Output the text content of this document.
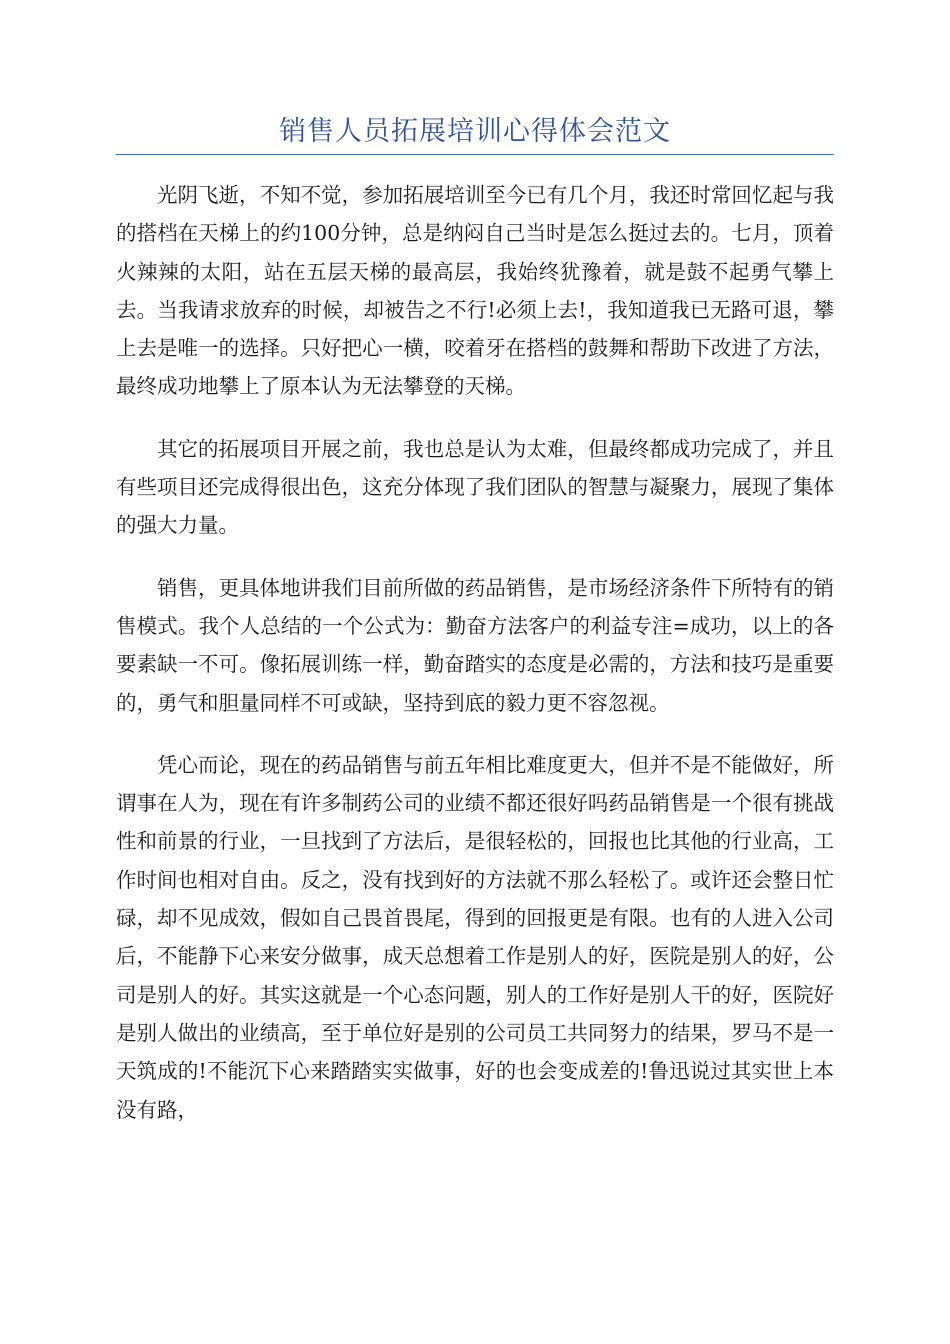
销售人员拓展培训心得体会范文

光阴飞逝，不知不觉，参加拓展培训至今已有几个月，我还时常回忆起与我的搭档在天梯上的约100分钟，总是纳闷自己当时是怎么挺过去的。七月，顶着火辣辣的太阳，站在五层天梯的最高层，我始终犹豫着，就是鼓不起勇气攀上去。当我请求放弃的时候，却被告之不行!必须上去!，我知道我已无路可退，攀上去是唯一的选择。只好把心一横，咬着牙在搭档的鼓舞和帮助下改进了方法，最终成功地攀上了原本认为无法攀登的天梯。

其它的拓展项目开展之前，我也总是认为太难，但最终都成功完成了，并且有些项目还完成得很出色，这充分体现了我们团队的智慧与凝聚力，展现了集体的强大力量。

销售，更具体地讲我们目前所做的药品销售，是市场经济条件下所特有的销售模式。我个人总结的一个公式为：勤奋方法客户的利益专注=成功，以上的各要素缺一不可。像拓展训练一样，勤奋踏实的态度是必需的，方法和技巧是重要的，勇气和胆量同样不可或缺，坚持到底的毅力更不容忽视。

凭心而论，现在的药品销售与前五年相比难度更大，但并不是不能做好，所谓事在人为，现在有许多制药公司的业绩不都还很好吗药品销售是一个很有挑战性和前景的行业，一旦找到了方法后，是很轻松的，回报也比其他的行业高，工作时间也相对自由。反之，没有找到好的方法就不那么轻松了。或许还会整日忙碌，却不见成效，假如自己畏首畏尾，得到的回报更是有限。也有的人进入公司后，不能静下心来安分做事，成天总想着工作是别人的好，医院是别人的好，公司是别人的好。其实这就是一个心态问题，别人的工作好是别人干的好，医院好是别人做出的业绩高，至于单位好是别的公司员工共同努力的结果，罗马不是一天筑成的!不能沉下心来踏踏实实做事，好的也会变成差的!鲁迅说过其实世上本没有路，
